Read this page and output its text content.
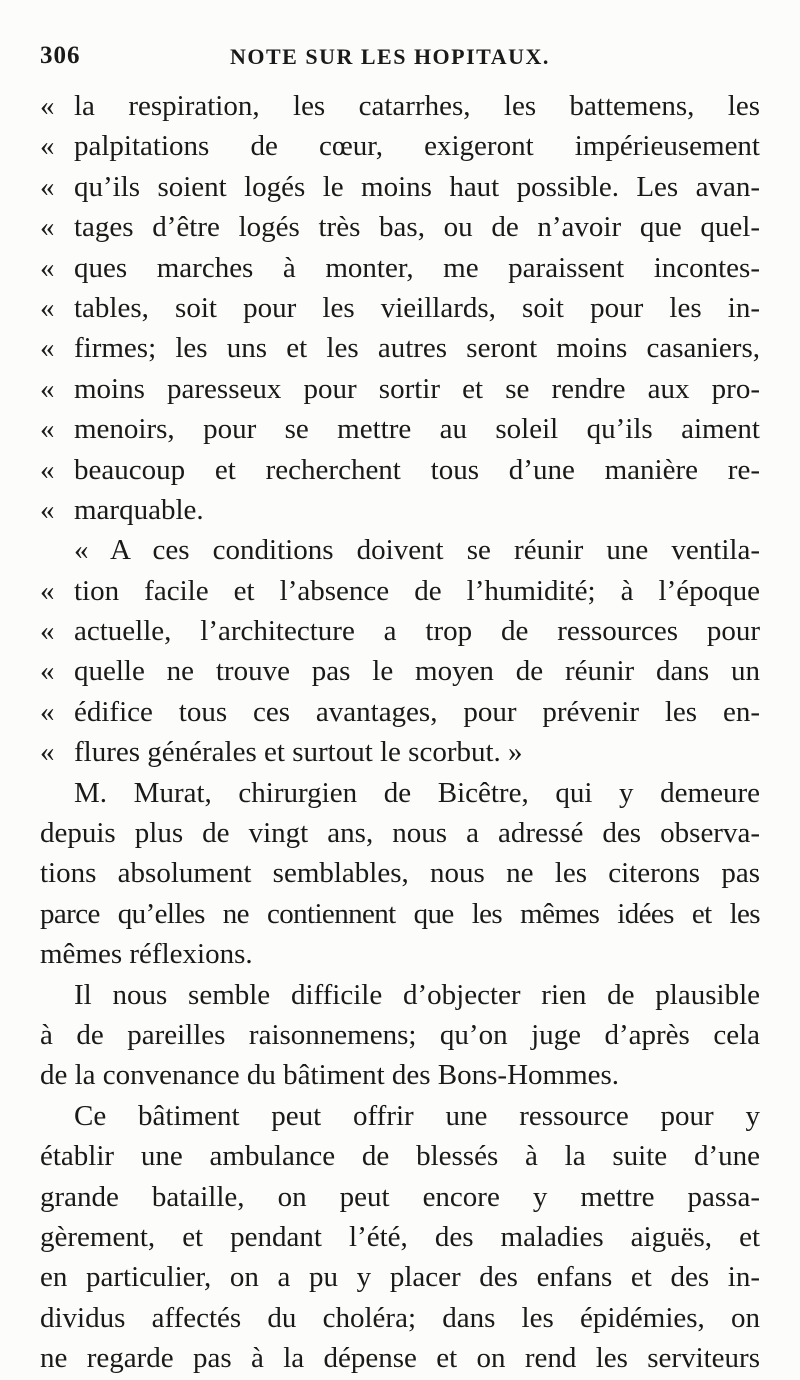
306	NOTE SUR LES HOPITAUX.
« la respiration, les catarrhes, les battemens, les
« palpitations de cœur, exigeront impérieusement
« qu’ils soient logés le moins haut possible. Les avan-
« tages d’être logés très bas, ou de n’avoir que quel-
« ques marches à monter, me paraissent incontes-
« tables, soit pour les vieillards, soit pour les in-
« firmes; les uns et les autres seront moins casaniers,
« moins paresseux pour sortir et se rendre aux pro-
« menoirs, pour se mettre au soleil qu’ils aiment
« beaucoup et recherchent tous d’une manière re-
« marquable.
« A ces conditions doivent se réunir une ventila-
« tion facile et l’absence de l’humidité; à l’époque
« actuelle, l’architecture a trop de ressources pour
« quelle ne trouve pas le moyen de réunir dans un
« édifice tous ces avantages, pour prévenir les en-
« flures générales et surtout le scorbut. »
M. Murat, chirurgien de Bicêtre, qui y demeure
depuis plus de vingt ans, nous a adressé des observa-
tions absolument semblables, nous ne les citerons pas
parce qu’elles ne contiennent que les mêmes idées et les
mêmes réflexions.
Il nous semble difficile d’objecter rien de plausible
à de pareilles raisonnemens; qu’on juge d’après cela
de la convenance du bâtiment des Bons-Hommes.
Ce bâtiment peut offrir une ressource pour y
établir une ambulance de blessés à la suite d’une
grande bataille, on peut encore y mettre passa-
gèrement, et pendant l’été, des maladies aiguës, et
en particulier, on a pu y placer des enfans et des in-
dividus affectés du choléra; dans les épidémies, on
ne regarde pas à la dépense et on rend les serviteurs
